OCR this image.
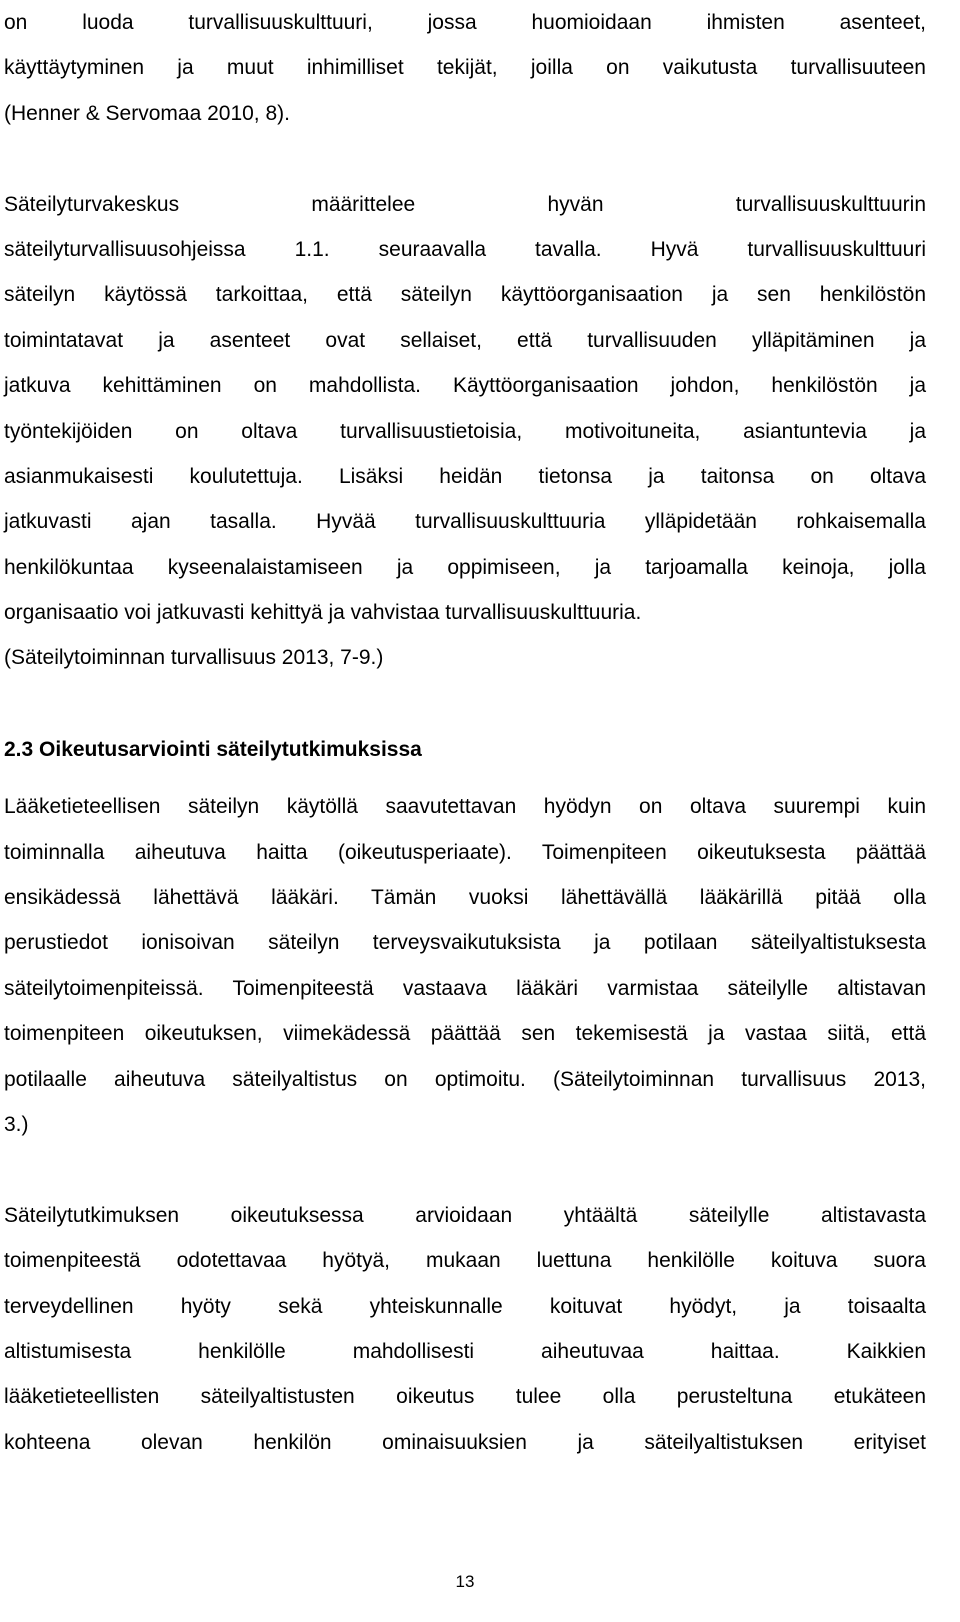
on luoda turvallisuuskulttuuri, jossa huomioidaan ihmisten asenteet,
käyttäytyminen ja muut inhimilliset tekijät, joilla on vaikutusta turvallisuuteen
(Henner & Servomaa 2010, 8).
Säteilyturvakeskus määrittelee hyvän turvallisuuskulttuurin
säteilyturvallisuusohjeissa 1.1. seuraavalla tavalla. Hyvä turvallisuuskulttuuri
säteilyn käytössä tarkoittaa, että säteilyn käyttöorganisaation ja sen henkilöstön
toimintatavat ja asenteet ovat sellaiset, että turvallisuuden ylläpitäminen ja
jatkuva kehittäminen on mahdollista. Käyttöorganisaation johdon, henkilöstön ja
työntekijöiden on oltava turvallisuustietoisia, motivoituneita, asiantuntevia ja
asianmukaisesti koulutettuja. Lisäksi heidän tietonsa ja taitonsa on oltava
jatkuvasti ajan tasalla. Hyvää turvallisuuskulttuuria ylläpidetään rohkaisemalla
henkilökuntaa kyseenalaistamiseen ja oppimiseen, ja tarjoamalla keinoja, jolla
organisaatio voi jatkuvasti kehittyä ja vahvistaa turvallisuuskulttuuria.
(Säteilytoiminnan turvallisuus 2013, 7-9.)
2.3 Oikeutusarviointi säteilytutkimuksissa
Lääketieteellisen säteilyn käytöllä saavutettavan hyödyn on oltava suurempi kuin
toiminnalla aiheutuva haitta (oikeutusperiaate). Toimenpiteen oikeutuksesta päättää
ensikädessä lähettävä lääkäri. Tämän vuoksi lähettävällä lääkärillä pitää olla
perustiedot ionisoivan säteilyn terveysvaikutuksista ja potilaan säteilyaltistuksesta
säteilytoimenpiteissä. Toimenpiteestä vastaava lääkäri varmistaa säteilylle altistavan
toimenpiteen oikeutuksen, viimekädessä päättää sen tekemisestä ja vastaa siitä, että
potilaalle aiheutuva säteilyaltistus on optimoitu. (Säteilytoiminnan turvallisuus 2013,
3.)
Säteilytutkimuksen oikeutuksessa arvioidaan yhtäältä säteilylle altistavasta
toimenpiteestä odotettavaa hyötyä, mukaan luettuna henkilölle koituva suora
terveydellinen hyöty sekä yhteiskunnalle koituvat hyödyt, ja toisaalta
altistumisesta henkilölle mahdollisesti aiheutuvaa haittaa. Kaikkien
lääketieteellisten säteilyaltistusten oikeutus tulee olla perusteltuna etukäteen
kohteena olevan henkilön ominaisuuksien ja säteilyaltistuksen erityiset
13
